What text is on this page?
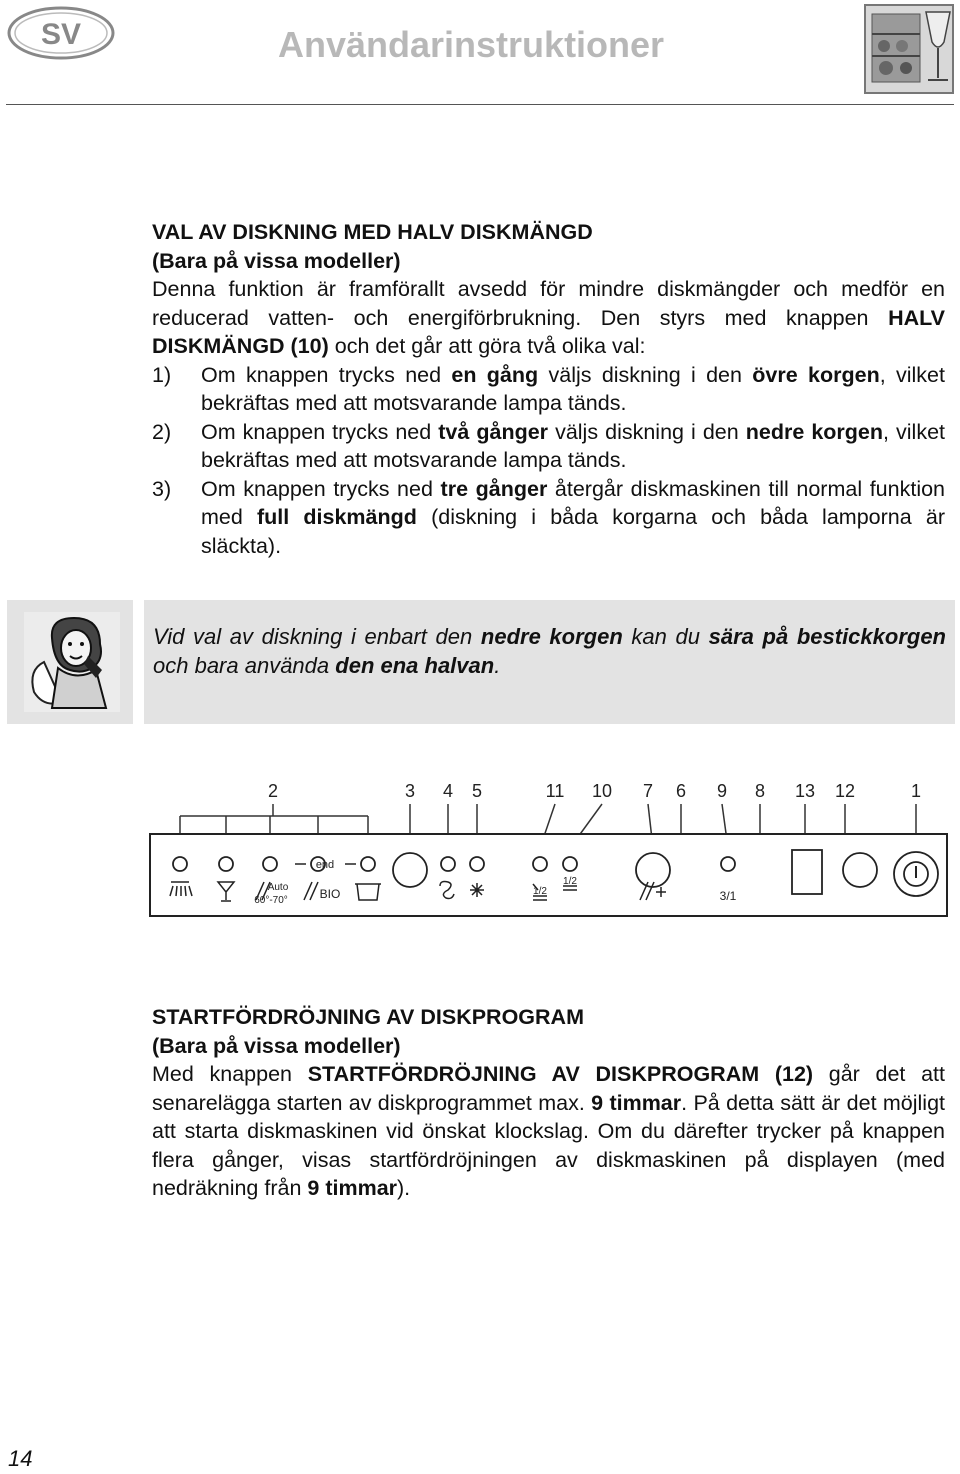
SV	Användarinstruktioner

VAL AV DISKNING MED HALV DISKMÄNGD

(Bara på vissa modeller)

Denna funktion är framförallt avsedd för mindre diskmängder och medför en reducerad vatten- och energiförbrukning. Den styrs med knappen HALV DISKMÄNGD (10) och det går att göra två olika val:

1) Om knappen trycks ned en gång väljs diskning i den övre korgen, vilket bekräftas med att motsvarande lampa tänds.
2) Om knappen trycks ned två gånger väljs diskning i den nedre korgen, vilket bekräftas med att motsvarande lampa tänds.
3) Om knappen trycks ned tre gånger återgår diskmaskinen till normal funktion med full diskmängd (diskning i båda korgarna och båda lamporna är släckta).
Vid val av diskning i enbart den nedre korgen kan du sära på bestickkorgen och bara använda den ena halvan.
2	3 4 5	11 10 7 6 9 8 13 12	1
end
Auto
60°-70°	BIO	1/2
1/2
3/1

STARTFÖRDRÖJNING AV DISKPROGRAM

(Bara på vissa modeller)

Med knappen STARTFÖRDRÖJNING AV DISKPROGRAM (12) går det att senarelägga starten av diskprogrammet max. 9 timmar. På detta sätt är det möjligt att starta diskmaskinen vid önskat klockslag. Om du därefter trycker på knappen flera gånger, visas startfördröjningen av diskmaskinen på displayen (med nedräkning från 9 timmar).

14
